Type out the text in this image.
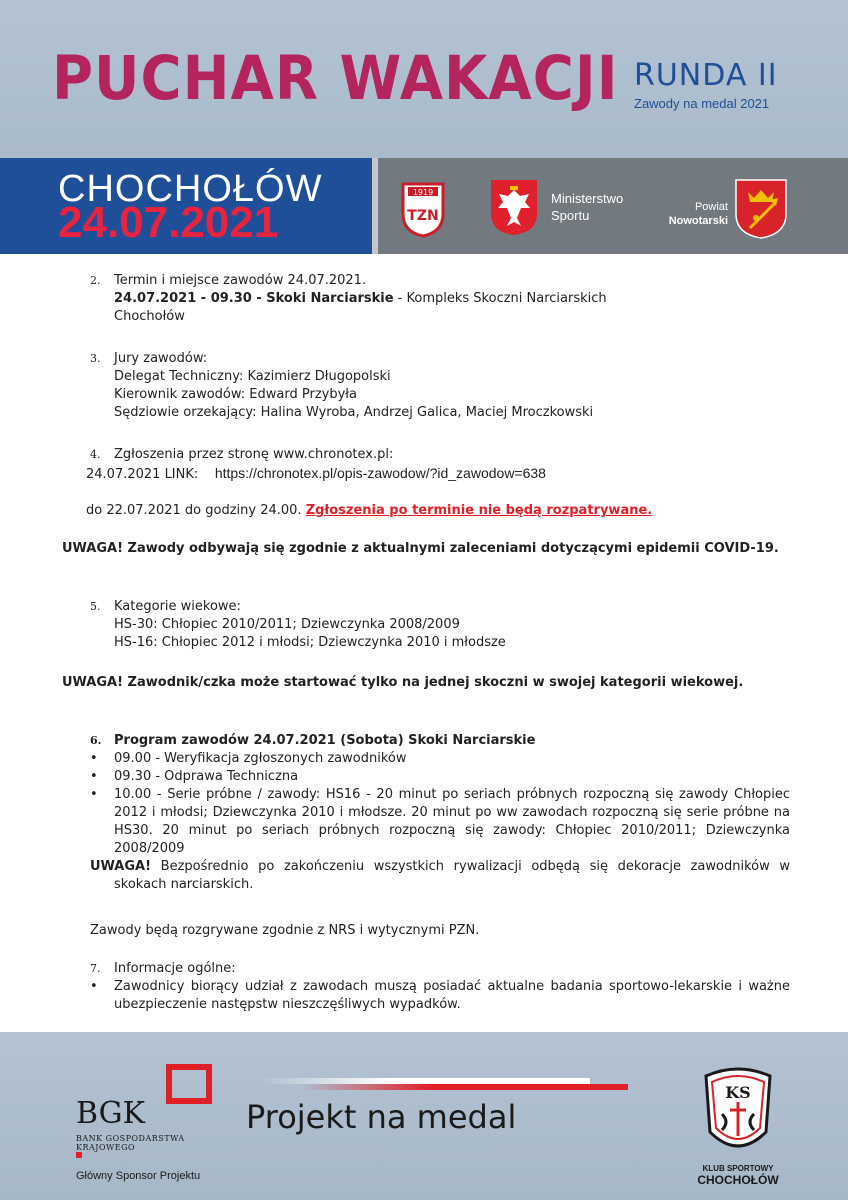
PUCHAR WAKACJI RUNDA II
Zawody na medal 2021
CHOCHOŁÓW
24.07.2021
1919
TZN
Ministerstwo
Sportu
Powiat
Nowotarski
2. Termin i miejsce zawodów 24.07.2021.
24.07.2021 - 09.30 - Skoki Narciarskie - Kompleks Skoczni Narciarskich
Chochołów
3. Jury zawodów:
Delegat Techniczny: Kazimierz Długopolski
Kierownik zawodów: Edward Przybyła
Sędziowie orzekający: Halina Wyroba, Andrzej Galica, Maciej Mroczkowski
4. Zgłoszenia przez stronę www.chronotex.pl:
24.07.2021 LINK: https://chronotex.pl/opis-zawodow/?id_zawodow=638
do 22.07.2021 do godziny 24.00. Zgłoszenia po terminie nie będą rozpatrywane.
UWAGA! Zawody odbywają się zgodnie z aktualnymi zaleceniami dotyczącymi epidemii COVID-19.
5. Kategorie wiekowe:
HS-30: Chłopiec 2010/2011; Dziewczynka 2008/2009
HS-16: Chłopiec 2012 i młodsi; Dziewczynka 2010 i młodsze
UWAGA! Zawodnik/czka może startować tylko na jednej skoczni w swojej kategorii wiekowej.
6. Program zawodów 24.07.2021 (Sobota) Skoki Narciarskie
•	09.00 - Weryfikacja zgłoszonych zawodników
•	09.30 - Odprawa Techniczna
•	10.00 - Serie próbne / zawody: HS16 - 20 minut po seriach próbnych rozpoczną się zawody Chłopiec 2012 i młodsi; Dziewczynka 2010 i młodsze. 20 minut po ww zawodach rozpoczną się serie próbne na HS30. 20 minut po seriach próbnych rozpoczną się zawody: Chłopiec 2010/2011; Dziewczynka 2008/2009
UWAGA! Bezpośrednio po zakończeniu wszystkich rywalizacji odbędą się dekoracje zawodników w skokach narciarskich.
Zawody będą rozgrywane zgodnie z NRS i wytycznymi PZN.
7. Informacje ogólne:
•	Zawodnicy biorący udział z zawodach muszą posiadać aktualne badania sportowo-lekarskie i ważne ubezpieczenie następstw nieszczęśliwych wypadków.
BGK
BANK GOSPODARSTWA KRAJOWEGO
Główny Sponsor Projektu
Projekt na medal
KS
KLUB SPORTOWY
CHOCHOŁÓW
